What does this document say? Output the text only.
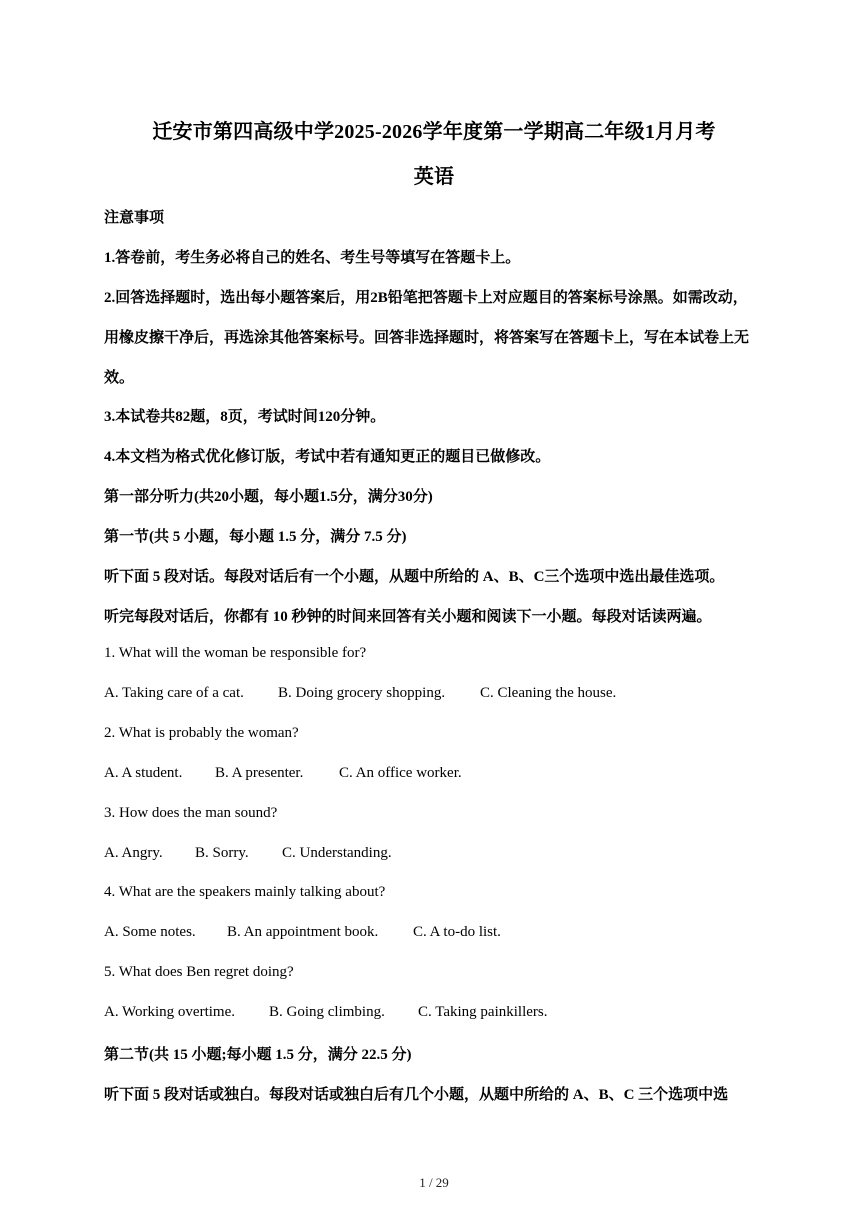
迁安市第四高级中学2025-2026学年度第一学期高二年级1月月考
英语
注意事项
1.答卷前，考生务必将自己的姓名、考生号等填写在答题卡上。
2.回答选择题时，选出每小题答案后，用2B铅笔把答题卡上对应题目的答案标号涂黑。如需改动，
用橡皮擦干净后，再选涂其他答案标号。回答非选择题时，将答案写在答题卡上，写在本试卷上无
效。
3.本试卷共82题，8页，考试时间120分钟。
4.本文档为格式优化修订版，考试中若有通知更正的题目已做修改。
第一部分听力(共20小题，每小题1.5分，满分30分)
第一节(共 5 小题，每小题 1.5 分，满分 7.5 分)
听下面 5 段对话。每段对话后有一个小题，从题中所给的 A、B、C三个选项中选出最佳选项。
听完每段对话后，你都有 10 秒钟的时间来回答有关小题和阅读下一小题。每段对话读两遍。
1. What will the woman be responsible for?
A. Taking care of a cat. B. Doing grocery shopping. C. Cleaning the house.
2. What is probably the woman?
A. A student. B. A presenter. C. An office worker.
3. How does the man sound?
A. Angry. B. Sorry. C. Understanding.
4. What are the speakers mainly talking about?
A. Some notes. B. An appointment book. C. A to-do list.
5. What does Ben regret doing?
A. Working overtime. B. Going climbing. C. Taking painkillers.
第二节(共 15 小题;每小题 1.5 分，满分 22.5 分)
听下面 5 段对话或独白。每段对话或独白后有几个小题，从题中所给的 A、B、C 三个选项中选
1 / 29
